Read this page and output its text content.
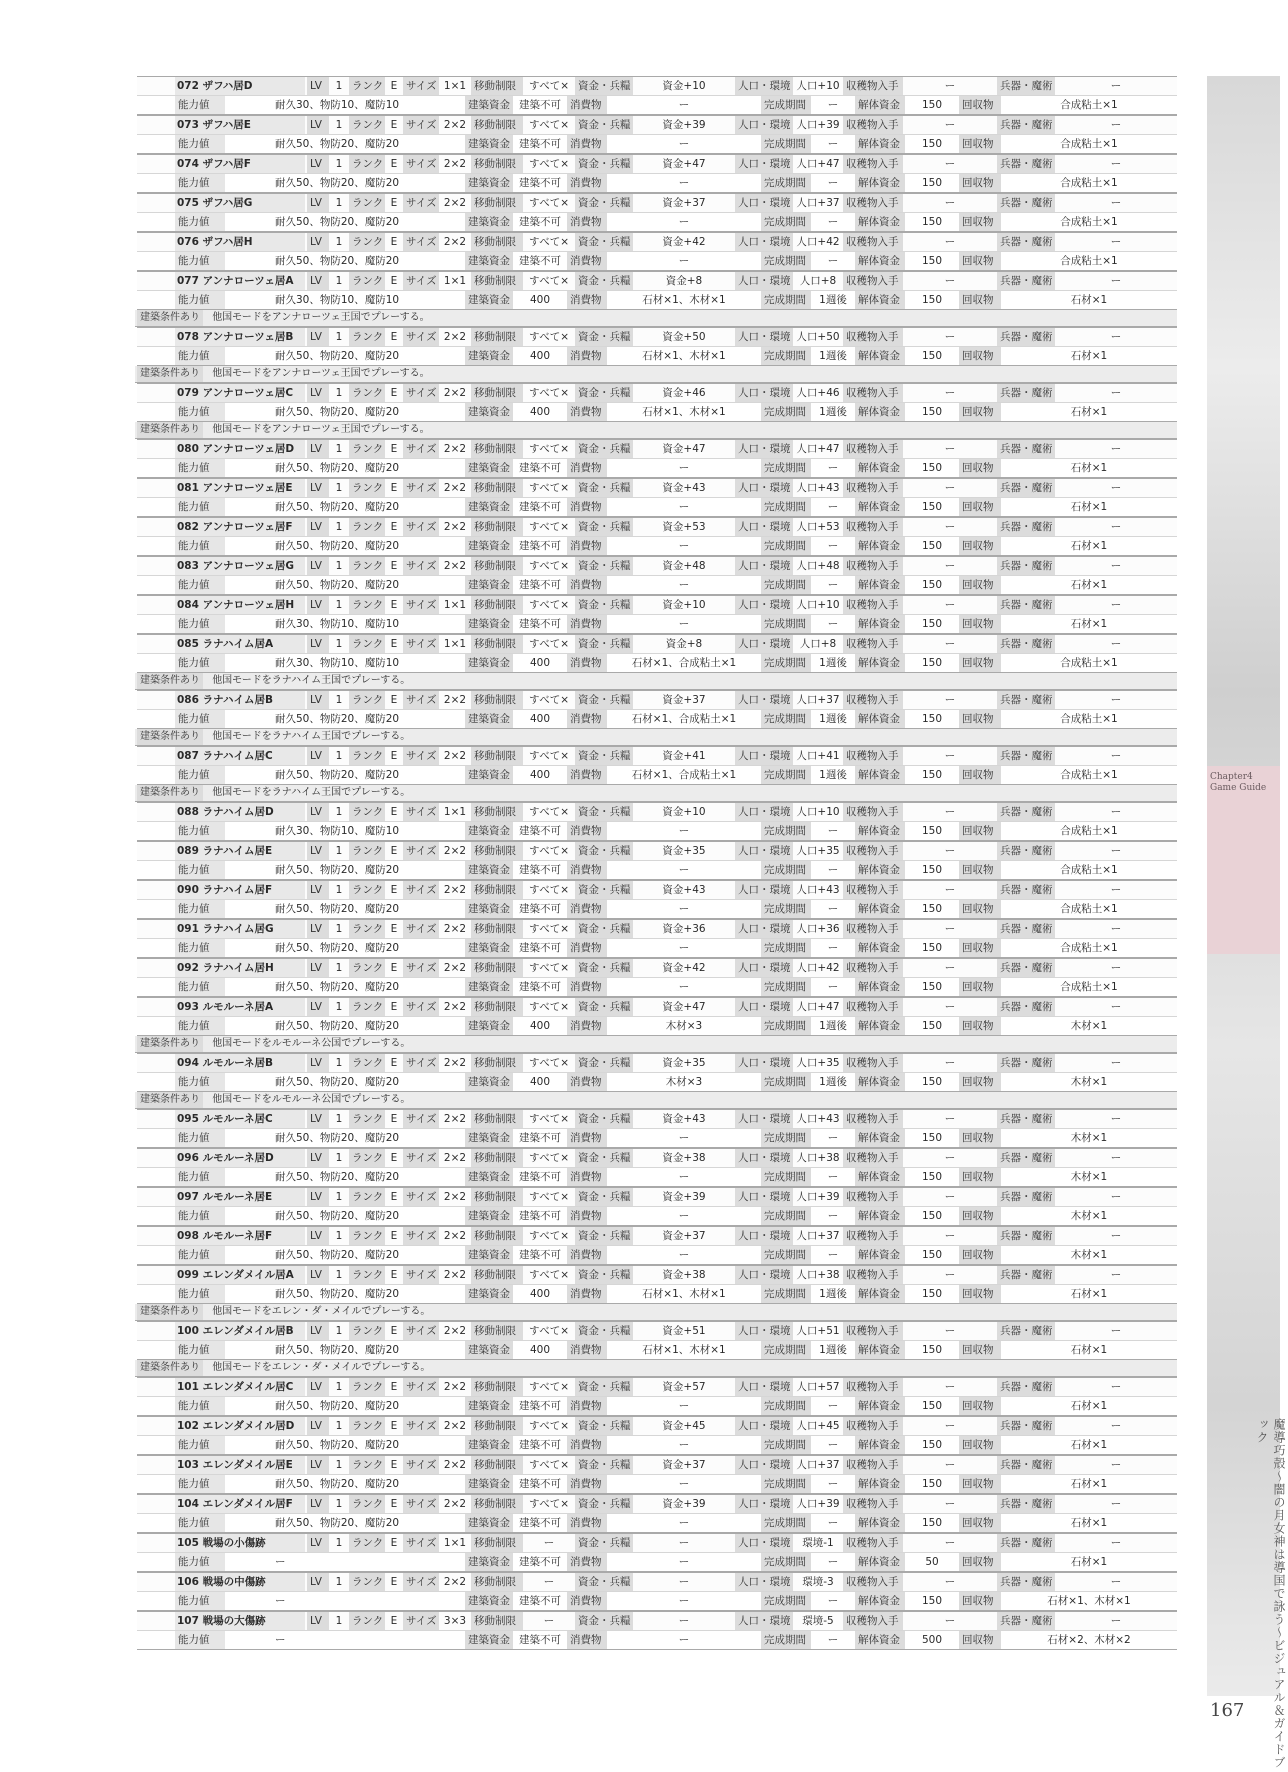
Chapter4
Game Guide
魔導巧殻〜闇の月女神は導国で詠う〜ビジュアル＆ガイドブック
167
072 ザフハ居D	LV	1 ランク E サイズ 1×1 移動制限	すべて× 資金・兵糧	資金+10	人口・環境 人口+10 収穫物入手	ー	兵器・魔術	ー
能力値	耐久30、物防10、魔防10	建築資金 建築不可 消費物	ー	完成期間	ー	解体資金	150	回収物	合成粘土×1
073 ザフハ居E	LV	1 ランク E サイズ 2×2 移動制限	すべて× 資金・兵糧	資金+39	人口・環境 人口+39 収穫物入手	ー	兵器・魔術	ー
能力値	耐久50、物防20、魔防20	建築資金 建築不可 消費物	ー	完成期間	ー	解体資金	150	回収物	合成粘土×1
074 ザフハ居F	LV	1 ランク E サイズ 2×2 移動制限	すべて× 資金・兵糧	資金+47	人口・環境 人口+47 収穫物入手	ー	兵器・魔術	ー
能力値	耐久50、物防20、魔防20	建築資金 建築不可 消費物	ー	完成期間	ー	解体資金	150	回収物	合成粘土×1
075 ザフハ居G	LV	1 ランク E サイズ 2×2 移動制限	すべて× 資金・兵糧	資金+37	人口・環境 人口+37 収穫物入手	ー	兵器・魔術	ー
能力値	耐久50、物防20、魔防20	建築資金 建築不可 消費物	ー	完成期間	ー	解体資金	150	回収物	合成粘土×1
076 ザフハ居H	LV	1 ランク E サイズ 2×2 移動制限	すべて× 資金・兵糧	資金+42	人口・環境 人口+42 収穫物入手	ー	兵器・魔術	ー
能力値	耐久50、物防20、魔防20	建築資金 建築不可 消費物	ー	完成期間	ー	解体資金	150	回収物	合成粘土×1
077 アンナローツェ居A	LV	1 ランク E サイズ 1×1 移動制限	すべて× 資金・兵糧	資金+8	人口・環境 人口+8 収穫物入手	ー	兵器・魔術	ー
能力値	耐久30、物防10、魔防10	建築資金	400	消費物	石材×1、木材×1	完成期間	1週後	解体資金	150	回収物	石材×1
建築条件あり 他国モードをアンナローツェ王国でプレーする。
078 アンナローツェ居B	LV	1 ランク E サイズ 2×2 移動制限	すべて× 資金・兵糧	資金+50	人口・環境 人口+50 収穫物入手	ー	兵器・魔術	ー
能力値	耐久50、物防20、魔防20	建築資金	400	消費物	石材×1、木材×1	完成期間	1週後	解体資金	150	回収物	石材×1
建築条件あり 他国モードをアンナローツェ王国でプレーする。
079 アンナローツェ居C	LV	1 ランク E サイズ 2×2 移動制限	すべて× 資金・兵糧	資金+46	人口・環境 人口+46 収穫物入手	ー	兵器・魔術	ー
能力値	耐久50、物防20、魔防20	建築資金	400	消費物	石材×1、木材×1	完成期間	1週後	解体資金	150	回収物	石材×1
建築条件あり 他国モードをアンナローツェ王国でプレーする。
080 アンナローツェ居D	LV	1 ランク E サイズ 2×2 移動制限	すべて× 資金・兵糧	資金+47	人口・環境 人口+47 収穫物入手	ー	兵器・魔術	ー
能力値	耐久50、物防20、魔防20	建築資金 建築不可 消費物	ー	完成期間	ー	解体資金	150	回収物	石材×1
081 アンナローツェ居E	LV	1 ランク E サイズ 2×2 移動制限	すべて× 資金・兵糧	資金+43	人口・環境 人口+43 収穫物入手	ー	兵器・魔術	ー
能力値	耐久50、物防20、魔防20	建築資金 建築不可 消費物	ー	完成期間	ー	解体資金	150	回収物	石材×1
082 アンナローツェ居F	LV	1 ランク E サイズ 2×2 移動制限	すべて× 資金・兵糧	資金+53	人口・環境 人口+53 収穫物入手	ー	兵器・魔術	ー
能力値	耐久50、物防20、魔防20	建築資金 建築不可 消費物	ー	完成期間	ー	解体資金	150	回収物	石材×1
083 アンナローツェ居G	LV	1 ランク E サイズ 2×2 移動制限	すべて× 資金・兵糧	資金+48	人口・環境 人口+48 収穫物入手	ー	兵器・魔術	ー
能力値	耐久50、物防20、魔防20	建築資金 建築不可 消費物	ー	完成期間	ー	解体資金	150	回収物	石材×1
084 アンナローツェ居H	LV	1 ランク E サイズ 1×1 移動制限	すべて× 資金・兵糧	資金+10	人口・環境 人口+10 収穫物入手	ー	兵器・魔術	ー
能力値	耐久30、物防10、魔防10	建築資金 建築不可 消費物	ー	完成期間	ー	解体資金	150	回収物	石材×1
085 ラナハイム居A	LV	1 ランク E サイズ 1×1 移動制限	すべて× 資金・兵糧	資金+8	人口・環境 人口+8 収穫物入手	ー	兵器・魔術	ー
能力値	耐久30、物防10、魔防10	建築資金	400	消費物	石材×1、合成粘土×1	完成期間	1週後	解体資金	150	回収物	合成粘土×1
建築条件あり 他国モードをラナハイム王国でプレーする。
086 ラナハイム居B	LV	1 ランク E サイズ 2×2 移動制限	すべて× 資金・兵糧	資金+37	人口・環境 人口+37 収穫物入手	ー	兵器・魔術	ー
能力値	耐久50、物防20、魔防20	建築資金	400	消費物	石材×1、合成粘土×1	完成期間	1週後	解体資金	150	回収物	合成粘土×1
建築条件あり 他国モードをラナハイム王国でプレーする。
087 ラナハイム居C	LV	1 ランク E サイズ 2×2 移動制限	すべて× 資金・兵糧	資金+41	人口・環境 人口+41 収穫物入手	ー	兵器・魔術	ー
能力値	耐久50、物防20、魔防20	建築資金	400	消費物	石材×1、合成粘土×1	完成期間	1週後	解体資金	150	回収物	合成粘土×1
建築条件あり 他国モードをラナハイム王国でプレーする。
088 ラナハイム居D	LV	1 ランク E サイズ 1×1 移動制限	すべて× 資金・兵糧	資金+10	人口・環境 人口+10 収穫物入手	ー	兵器・魔術	ー
能力値	耐久30、物防10、魔防10	建築資金 建築不可 消費物	ー	完成期間	ー	解体資金	150	回収物	合成粘土×1
089 ラナハイム居E	LV	1 ランク E サイズ 2×2 移動制限	すべて× 資金・兵糧	資金+35	人口・環境 人口+35 収穫物入手	ー	兵器・魔術	ー
能力値	耐久50、物防20、魔防20	建築資金 建築不可 消費物	ー	完成期間	ー	解体資金	150	回収物	合成粘土×1
090 ラナハイム居F	LV	1 ランク E サイズ 2×2 移動制限	すべて× 資金・兵糧	資金+43	人口・環境 人口+43 収穫物入手	ー	兵器・魔術	ー
能力値	耐久50、物防20、魔防20	建築資金 建築不可 消費物	ー	完成期間	ー	解体資金	150	回収物	合成粘土×1
091 ラナハイム居G	LV	1 ランク E サイズ 2×2 移動制限	すべて× 資金・兵糧	資金+36	人口・環境 人口+36 収穫物入手	ー	兵器・魔術	ー
能力値	耐久50、物防20、魔防20	建築資金 建築不可 消費物	ー	完成期間	ー	解体資金	150	回収物	合成粘土×1
092 ラナハイム居H	LV	1 ランク E サイズ 2×2 移動制限	すべて× 資金・兵糧	資金+42	人口・環境 人口+42 収穫物入手	ー	兵器・魔術	ー
能力値	耐久50、物防20、魔防20	建築資金 建築不可 消費物	ー	完成期間	ー	解体資金	150	回収物	合成粘土×1
093 ルモルーネ居A	LV	1 ランク E サイズ 2×2 移動制限	すべて× 資金・兵糧	資金+47	人口・環境 人口+47 収穫物入手	ー	兵器・魔術	ー
能力値	耐久50、物防20、魔防20	建築資金	400	消費物	木材×3	完成期間	1週後	解体資金	150	回収物	木材×1
建築条件あり 他国モードをルモルーネ公国でプレーする。
094 ルモルーネ居B	LV	1 ランク E サイズ 2×2 移動制限	すべて× 資金・兵糧	資金+35	人口・環境 人口+35 収穫物入手	ー	兵器・魔術	ー
能力値	耐久50、物防20、魔防20	建築資金	400	消費物	木材×3	完成期間	1週後	解体資金	150	回収物	木材×1
建築条件あり 他国モードをルモルーネ公国でプレーする。
095 ルモルーネ居C	LV	1 ランク E サイズ 2×2 移動制限	すべて× 資金・兵糧	資金+43	人口・環境 人口+43 収穫物入手	ー	兵器・魔術	ー
能力値	耐久50、物防20、魔防20	建築資金 建築不可 消費物	ー	完成期間	ー	解体資金	150	回収物	木材×1
096 ルモルーネ居D	LV	1 ランク E サイズ 2×2 移動制限	すべて× 資金・兵糧	資金+38	人口・環境 人口+38 収穫物入手	ー	兵器・魔術	ー
能力値	耐久50、物防20、魔防20	建築資金 建築不可 消費物	ー	完成期間	ー	解体資金	150	回収物	木材×1
097 ルモルーネ居E	LV	1 ランク E サイズ 2×2 移動制限	すべて× 資金・兵糧	資金+39	人口・環境 人口+39 収穫物入手	ー	兵器・魔術	ー
能力値	耐久50、物防20、魔防20	建築資金 建築不可 消費物	ー	完成期間	ー	解体資金	150	回収物	木材×1
098 ルモルーネ居F	LV	1 ランク E サイズ 2×2 移動制限	すべて× 資金・兵糧	資金+37	人口・環境 人口+37 収穫物入手	ー	兵器・魔術	ー
能力値	耐久50、物防20、魔防20	建築資金 建築不可 消費物	ー	完成期間	ー	解体資金	150	回収物	木材×1
099 エレンダメイル居A	LV	1 ランク E サイズ 2×2 移動制限	すべて× 資金・兵糧	資金+38	人口・環境 人口+38 収穫物入手	ー	兵器・魔術	ー
能力値	耐久50、物防20、魔防20	建築資金	400	消費物	石材×1、木材×1	完成期間	1週後	解体資金	150	回収物	石材×1
建築条件あり 他国モードをエレン・ダ・メイルでプレーする。
100 エレンダメイル居B	LV	1 ランク E サイズ 2×2 移動制限	すべて× 資金・兵糧	資金+51	人口・環境 人口+51 収穫物入手	ー	兵器・魔術	ー
能力値	耐久50、物防20、魔防20	建築資金	400	消費物	石材×1、木材×1	完成期間	1週後	解体資金	150	回収物	石材×1
建築条件あり 他国モードをエレン・ダ・メイルでプレーする。
101 エレンダメイル居C	LV	1 ランク E サイズ 2×2 移動制限	すべて× 資金・兵糧	資金+57	人口・環境 人口+57 収穫物入手	ー	兵器・魔術	ー
能力値	耐久50、物防20、魔防20	建築資金 建築不可 消費物	ー	完成期間	ー	解体資金	150	回収物	石材×1
102 エレンダメイル居D	LV	1 ランク E サイズ 2×2 移動制限	すべて× 資金・兵糧	資金+45	人口・環境 人口+45 収穫物入手	ー	兵器・魔術	ー
能力値	耐久50、物防20、魔防20	建築資金 建築不可 消費物	ー	完成期間	ー	解体資金	150	回収物	石材×1
103 エレンダメイル居E	LV	1 ランク E サイズ 2×2 移動制限	すべて× 資金・兵糧	資金+37	人口・環境 人口+37 収穫物入手	ー	兵器・魔術	ー
能力値	耐久50、物防20、魔防20	建築資金 建築不可 消費物	ー	完成期間	ー	解体資金	150	回収物	石材×1
104 エレンダメイル居F	LV	1 ランク E サイズ 2×2 移動制限	すべて× 資金・兵糧	資金+39	人口・環境 人口+39 収穫物入手	ー	兵器・魔術	ー
能力値	耐久50、物防20、魔防20	建築資金 建築不可 消費物	ー	完成期間	ー	解体資金	150	回収物	石材×1
105 戦場の小傷跡	LV	1 ランク E サイズ 1×1 移動制限	ー	資金・兵糧	ー	人口・環境	環境-1	収穫物入手	ー	兵器・魔術	ー
能力値	ー	建築資金 建築不可 消費物	ー	完成期間	ー	解体資金	50	回収物	石材×1
106 戦場の中傷跡	LV	1 ランク E サイズ 2×2 移動制限	ー	資金・兵糧	ー	人口・環境	環境-3	収穫物入手	ー	兵器・魔術	ー
能力値	ー	建築資金 建築不可 消費物	ー	完成期間	ー	解体資金	150	回収物	石材×1、木材×1
107 戦場の大傷跡	LV	1 ランク E サイズ 3×3 移動制限	ー	資金・兵糧	ー	人口・環境	環境-5	収穫物入手	ー	兵器・魔術	ー
能力値	ー	建築資金 建築不可 消費物	ー	完成期間	ー	解体資金	500	回収物	石材×2、木材×2
